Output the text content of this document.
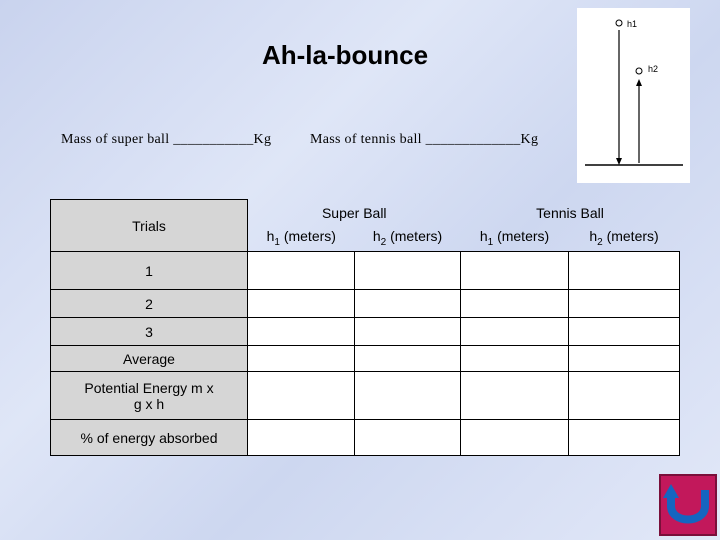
Ah-la-bounce
Mass of super ball ___________Kg	Mass of tennis ball _____________Kg
h1
h2
Trials	Super Ball		Tennis Ball	
	$h_1$ (meters)	$h_2$ (meters)	$h_1$ (meters)	$h_2$ (meters)
1				
2				
3				
Average				
Potential Energy m x g x h				
% of energy absorbed				
